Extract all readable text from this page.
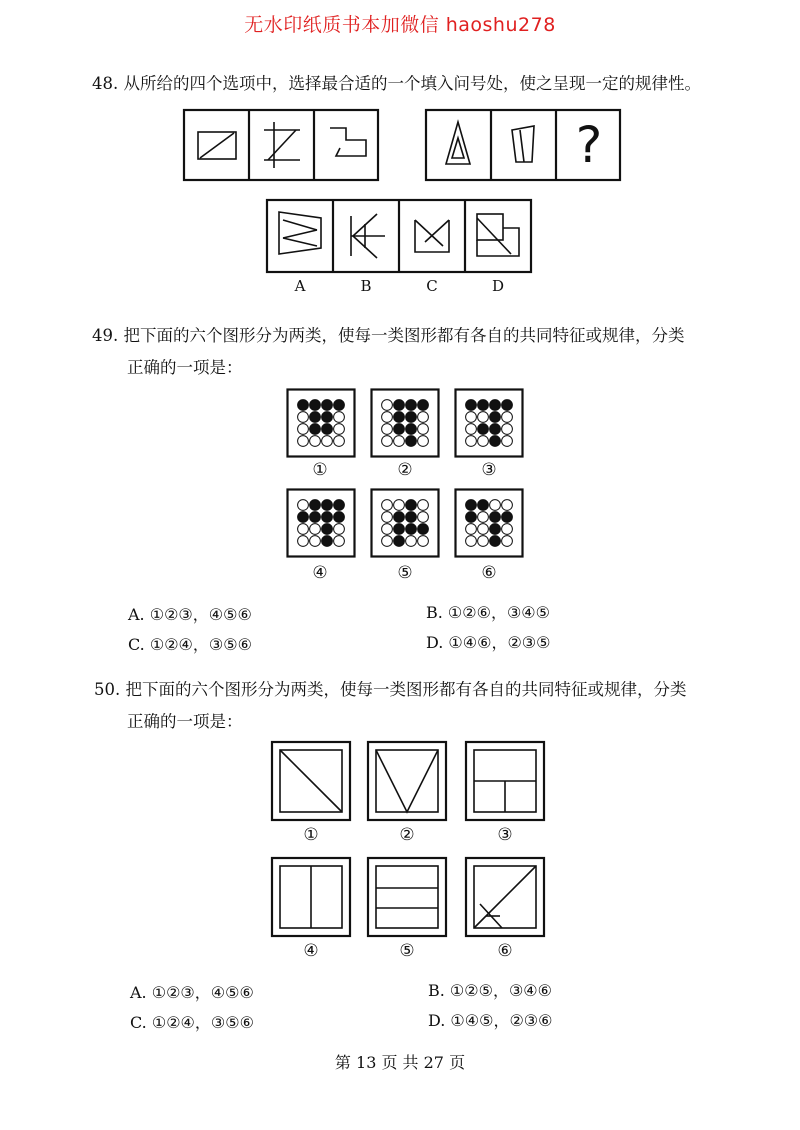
无水印纸质书本加微信 haoshu278
48. 从所给的四个选项中，选择最合适的一个填入问号处，使之呈现一定的规律性。
?
A	B	C	D
49. 把下面的六个图形分为两类，使每一类图形都有各自的共同特征或规律，分类
正确的一项是：
①	②	③
④	⑤	⑥
A. ①②③，④⑤⑥	B. ①②⑥，③④⑤
C. ①②④，③⑤⑥	D. ①④⑥，②③⑤
50. 把下面的六个图形分为两类，使每一类图形都有各自的共同特征或规律，分类
正确的一项是：
①	②	③
④	⑤	⑥
A. ①②③，④⑤⑥	B. ①②⑤，③④⑥
C. ①②④，③⑤⑥	D. ①④⑤，②③⑥
第 13 页 共 27 页
